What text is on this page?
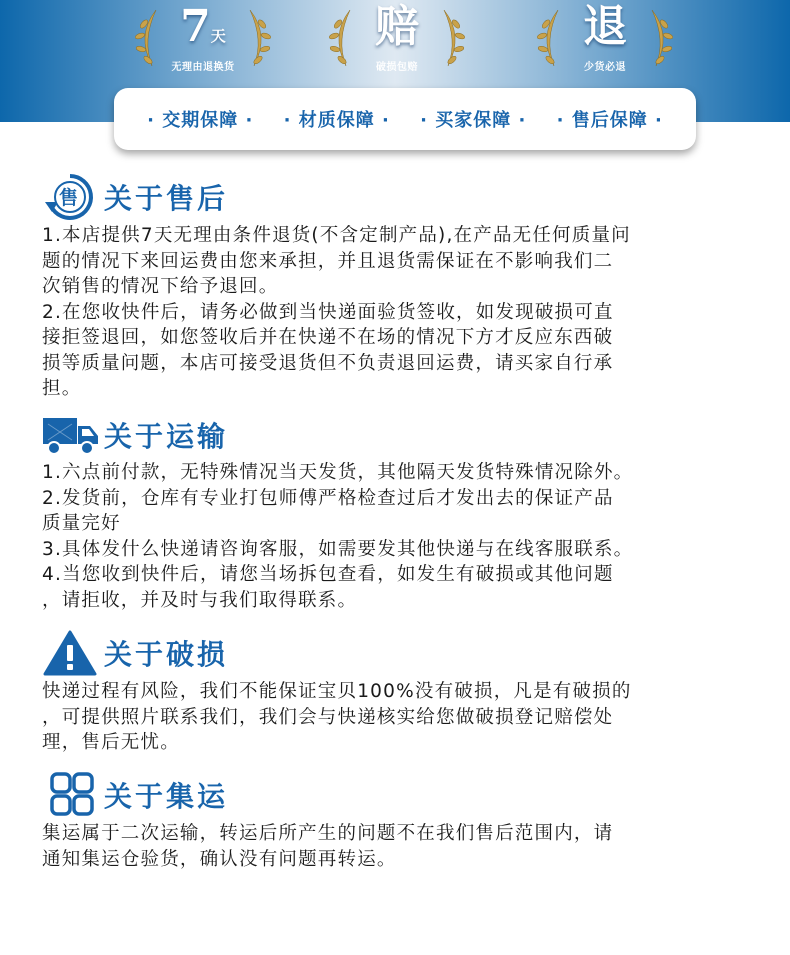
7天
无理由退换货
赔
破损包赔
退
少货必退
· 交期保障 · · 材质保障 · · 买家保障 · · 售后保障 ·
售 关于售后
1.本店提供7天无理由条件退货(不含定制产品),在产品无任何质量问
题的情况下来回运费由您来承担，并且退货需保证在不影响我们二
次销售的情况下给予退回。
2.在您收快件后，请务必做到当快递面验货签收，如发现破损可直
接拒签退回，如您签收后并在快递不在场的情况下方才反应东西破
损等质量问题，本店可接受退货但不负责退回运费，请买家自行承
担。
关于运输
1.六点前付款，无特殊情况当天发货，其他隔天发货特殊情况除外。
2.发货前，仓库有专业打包师傅严格检查过后才发出去的保证产品
质量完好
3.具体发什么快递请咨询客服，如需要发其他快递与在线客服联系。
4.当您收到快件后，请您当场拆包查看，如发生有破损或其他问题
，请拒收，并及时与我们取得联系。
关于破损
快递过程有风险，我们不能保证宝贝100%没有破损，凡是有破损的
，可提供照片联系我们，我们会与快递核实给您做破损登记赔偿处
理，售后无忧。
关于集运
集运属于二次运输，转运后所产生的问题不在我们售后范围内，请
通知集运仓验货，确认没有问题再转运。
